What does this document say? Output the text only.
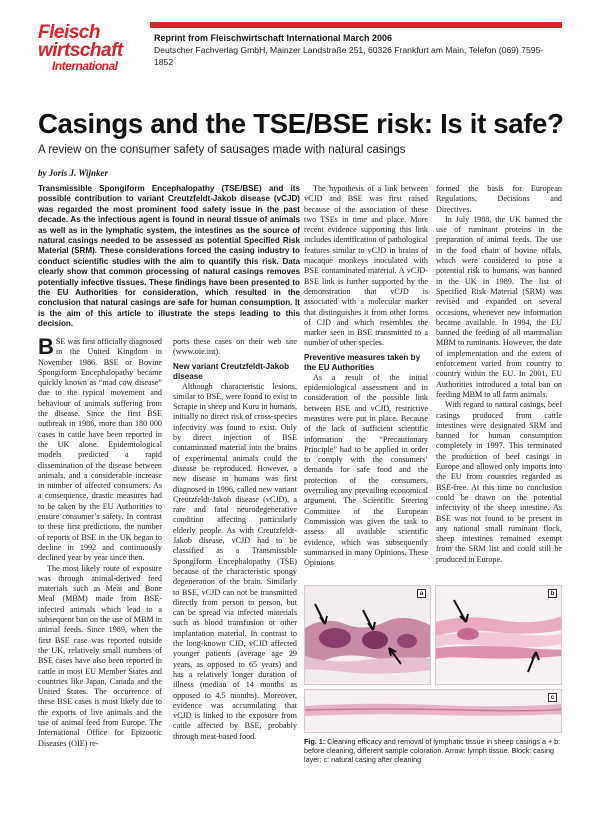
Fleisch
wirtschaft
International
Reprint from Fleischwirtschaft International March 2006
Deutscher Fachverlag GmbH, Mainzer Landstraße 251, 60326 Frankfurt am Main, Telefon (069) 7595-1852
Casings and the TSE/BSE risk: Is it safe?
A review on the consumer safety of sausages made with natural casings
by Joris J. Wijnker
Transmissible Spongiform Encephalopathy (TSE/BSE) and its possible contribution to variant Creutzfeldt-Jakob disease (vCJD) was regarded the most prominent food safety issue in the past decade. As the infectious agent is found in neural tissue of animals as well as in the lymphatic system, the intestines as the source of natural casings needed to be assessed as potential Specified Risk Material (SRM). These considerations forced the casing industry to conduct scientific studies with the aim to quantify this risk. Data clearly show that common processing of natural casings removes potentially infective tissues. These findings have been presented to the EU Authorities for consideration, which resulted in the conclusion that natural casings are safe for human consumption. It is the aim of this article to illustrate the steps leading to this decision.

BSE was first officially diagnosed in the United Kingdom in November 1986. BSE or Bovine Spongiform Encephalopathy became quickly known as “mad cow disease” due to the typical movement and behaviour of animals suffering from the disease. Since the first BSE outbreak in 1986, more than 180 000 cases in cattle have been reported in the UK alone. Epidemiological models predicted a rapid dissemination of the disease between animals, and a considerable increase in number of affected consumers. As a consequence, drastic measures had to be taken by the EU Authorities to ensure consumer’s safety. In contrast to these first predictions, the number of reports of BSE in the UK began to decline in 1992 and continuously declined year by year since then.

The most likely route of exposure was through animal-derived feed materials such as Meat and Bone Meal (MBM) made from BSE-infected animals which lead to a subsequent ban on the use of MBM in animal feeds. Since 1989, when the first BSE case was reported outside the UK, relatively small numbers of BSE cases have also been reported in cattle in most EU Member States and countries like Japan, Canada and the United States. The occurrence of these BSE cases is most likely due to the exports of live animals and the use of animal feed from Europe. The International Office for Epizootic Diseases (OIE) re-

ports these cases on their web site (www.oie.int).

New variant Creutzfeldt-Jakob disease

Although characteristic lesions, similar to BSE, were found to exist in Scrapie in sheep and Kuru in humans, initially no direct risk of cross-species infectivity was found to exist. Only by direct injection of BSE contaminated material into the brains of experimental animals could the disease be reproduced. However, a new disease in humans was first diagnosed in 1996, called new variant Creutzfeldt-Jakob disease (vCJD), a rare and fatal neurodegenerative condition affecting particularly elderly people. As with Creutzfeldt-Jakob disease, vCJD had to be classified as a Transmissible Spongiform Encephalopathy (TSE) because of the characteristic spongy degeneration of the brain. Similarly to BSE, vCJD can not be transmitted directly from person to person, but can be spread via infected materials such as blood transfusion or other implantation material. In contrast to the long-known CJD, vCJD affected younger patients (average age 29 years, as opposed to 65 years) and has a relatively longer duration of illness (median of 14 months as opposed to 4.5 months). Moreover, evidence was accumulating that vCJD is linked to the exposure from cattle affected by BSE, probably through meat-based food.

The hypothesis of a link between vCJD and BSE was first raised because of the association of these two TSEs in time and place. More recent evidence supporting this link includes identification of pathological features similar to vCJD in brains of macaque monkeys inoculated with BSE contaminated material. A vCJD-BSE link is further supported by the demonstration that vCJD is associated with a molecular marker that distinguishes it from other forms of CJD and which resembles the marker seen in BSE transmitted to a number of other species.

Preventive measures taken by the EU Authorities

As a result of the initial epidemiological assessment and in consideration of the possible link between BSE and vCJD, restrictive measures were put in place. Because of the lack of sufficient scientific information the “Precautionary Principle” had to be applied in order to comply with the consumers’ demands for safe food and the protection of the consumers, overruling any prevailing economical argument. The Scientific Steering Committee of the European Commission was given the task to assess all available scientific evidence, which was subsequently summarised in many Opinions. These Opinions

formed the basis for European Regulations, Decisions and Directives.

In July 1988, the UK banned the use of ruminant proteins in the preparation of animal feeds. The use in the food chain of bovine offals, which were considered to pose a potential risk to humans, was banned in the UK in 1989. The list of Specified Risk Material (SRM) was revised and expanded on several occasions, whenever new information became available. In 1994, the EU banned the feeding of all mammalian MBM to ruminants. However, the date of implementation and the extent of enforcement varied from country to country within the EU. In 2001, EU Authorities introduced a total ban on feeding MBM to all farm animals.

With regard to natural casings, beef casings produced from cattle intestines were designated SRM and banned for human consumption completely in 1997. This terminated the production of beef casings in Europe and allowed only imports into the EU from countries regarded as BSE-free. At this time no conclusion could be drawn on the potential infectivity of the sheep intestine. As BSE was not found to be present in any national small ruminant flock, sheep intestines remained exempt from the SRM list and could still be produced in Europe.

a	b
c
Fig. 1: Cleaning efficacy and removal of lymphatic tissue in sheep casings a + b: before cleaning, different sample coloration. Arrow: lymph tissue. Block: casing layer; c: natural casing after cleaning
